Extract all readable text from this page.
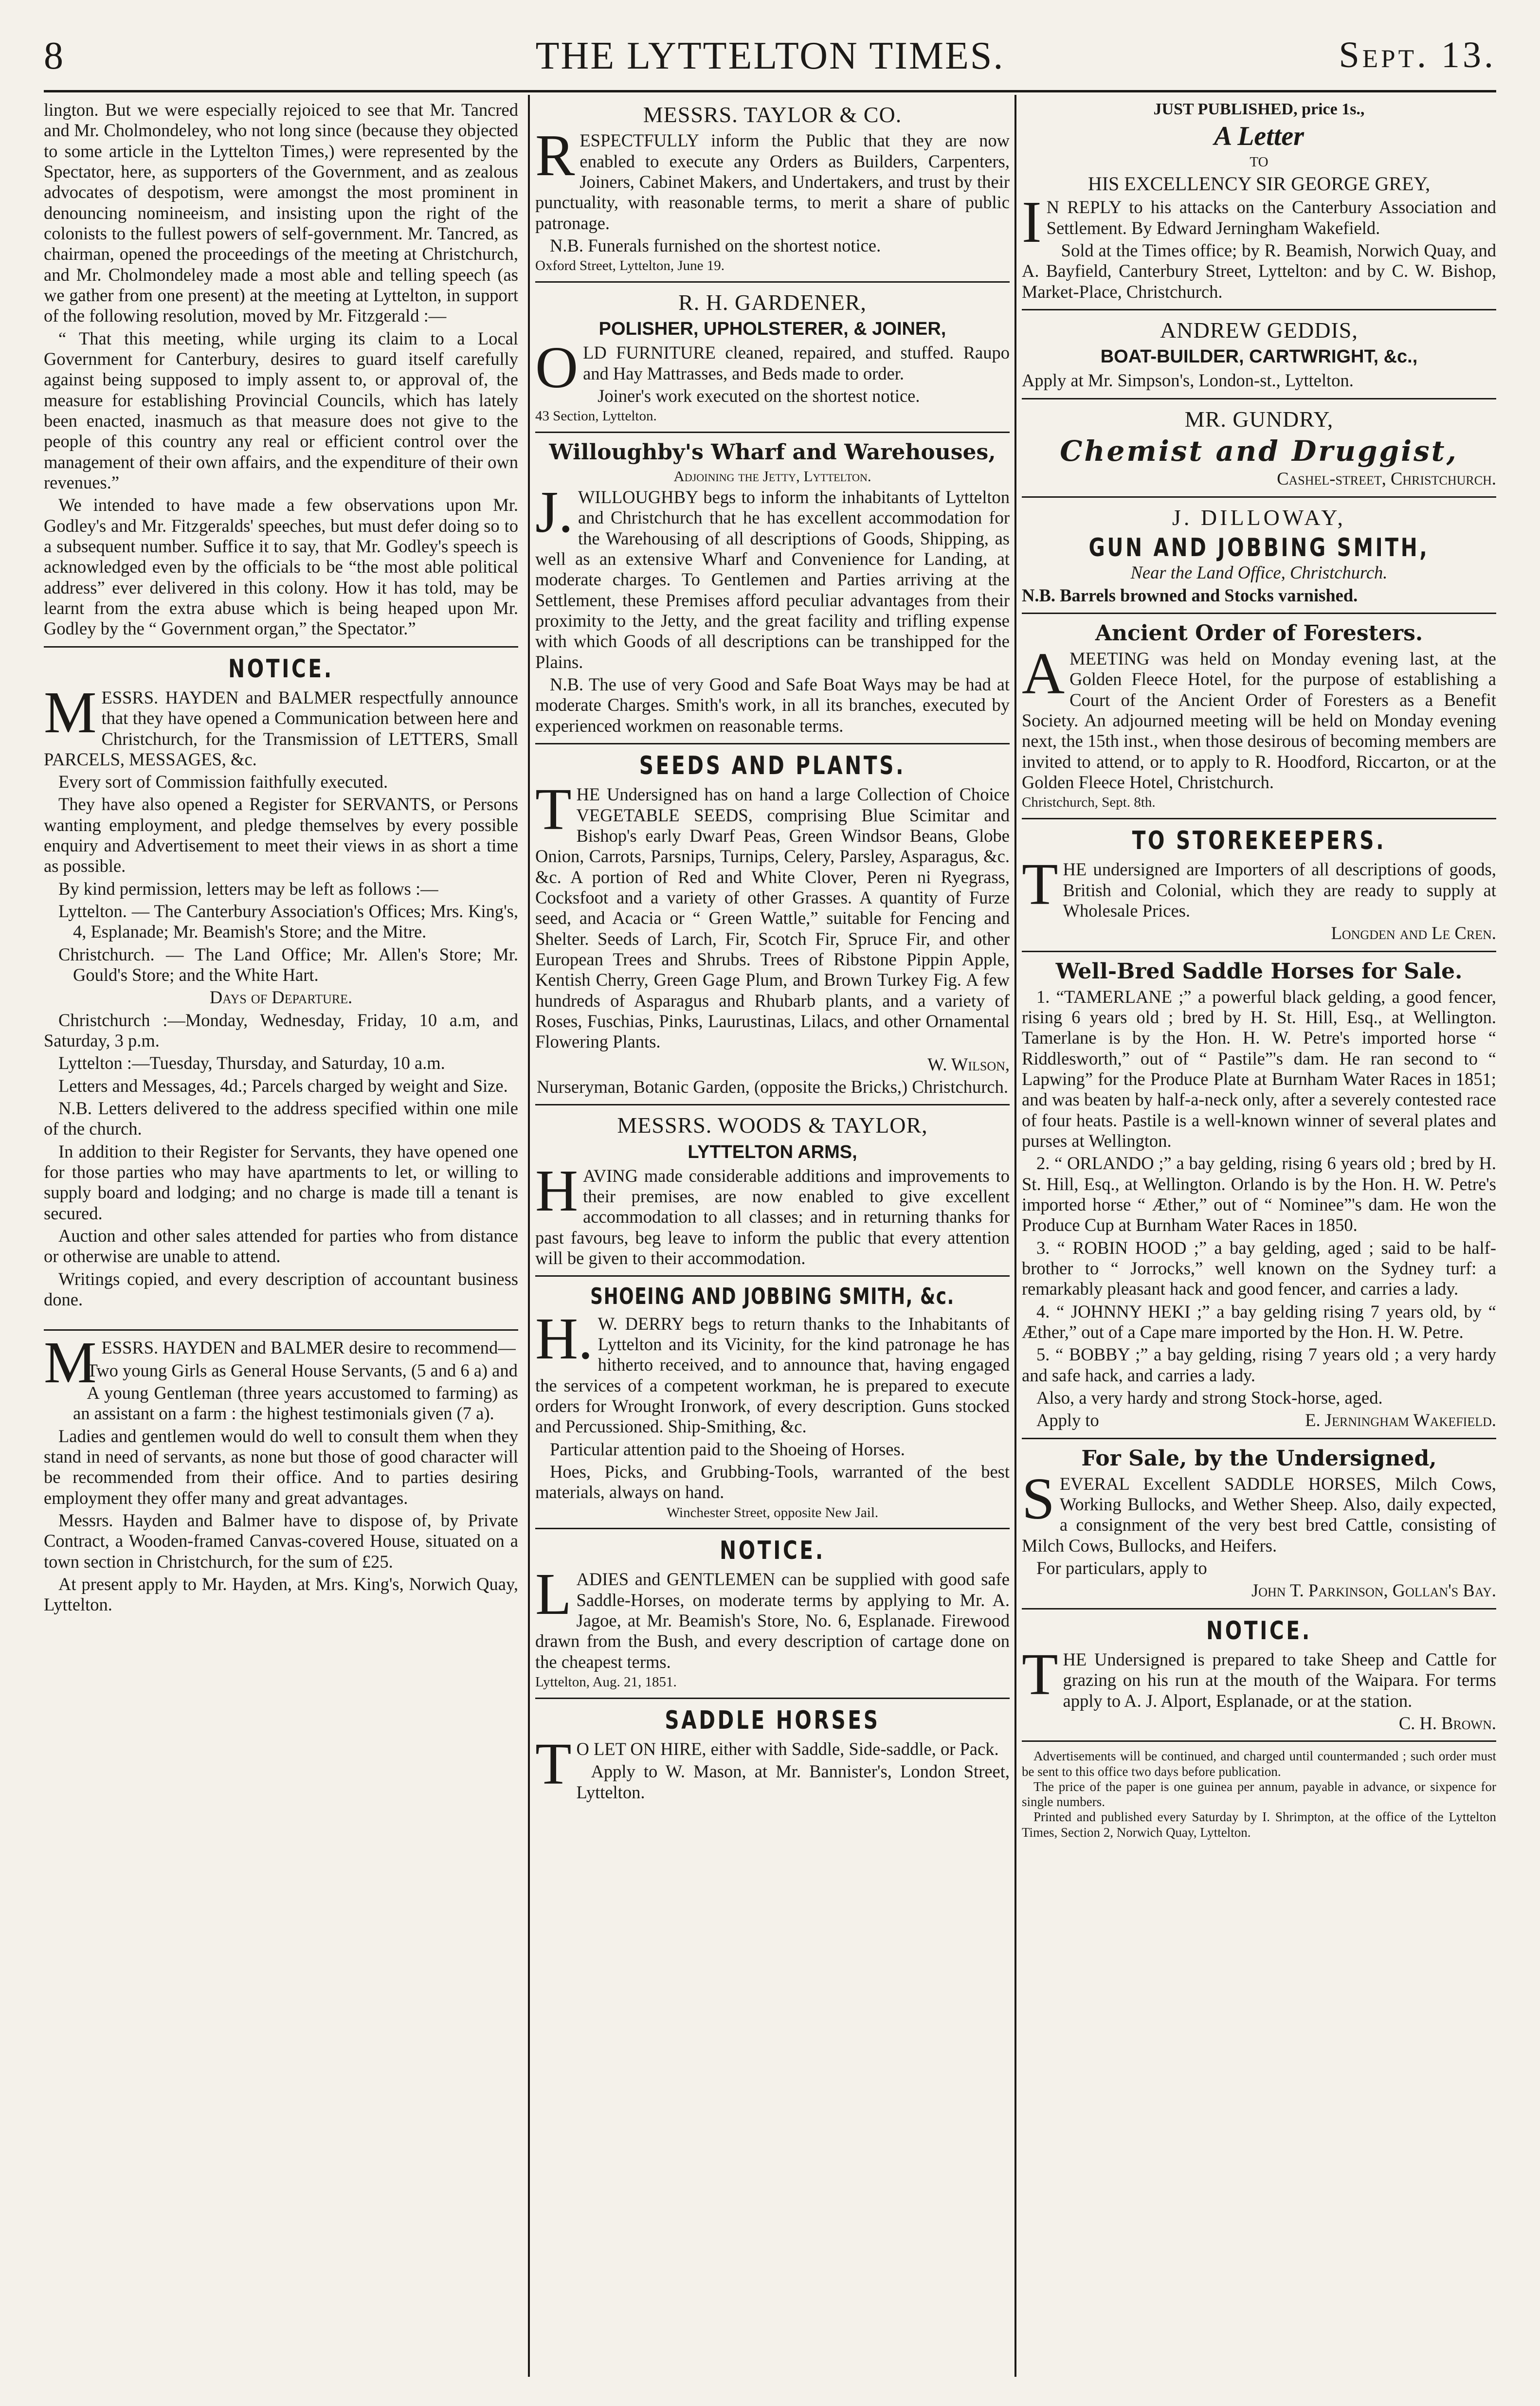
8	THE LYTTELTON TIMES.	Sept. 13.

lington. But we were especially rejoiced to see that Mr. Tancred and Mr. Cholmondeley, who not long since (because they objected to some article in the Lyttelton Times,) were represented by the Spectator, here, as supporters of the Government, and as zealous advocates of despotism, were amongst the most prominent in denouncing nomineeism, and insisting upon the right of the colonists to the fullest powers of self-government. Mr. Tancred, as chairman, opened the proceedings of the meeting at Christchurch, and Mr. Cholmondeley made a most able and telling speech (as we gather from one present) at the meeting at Lyttelton, in support of the following resolution, moved by Mr. Fitzgerald :—

“ That this meeting, while urging its claim to a Local Government for Canterbury, desires to guard itself carefully against being supposed to imply assent to, or approval of, the measure for establishing Provincial Councils, which has lately been enacted, inasmuch as that measure does not give to the people of this country any real or efficient control over the management of their own affairs, and the expenditure of their own revenues.”

We intended to have made a few observations upon Mr. Godley's and Mr. Fitzgeralds' speeches, but must defer doing so to a subsequent number. Suffice it to say, that Mr. Godley's speech is acknowledged even by the officials to be “the most able political address” ever delivered in this colony. How it has told, may be learnt from the extra abuse which is being heaped upon Mr. Godley by the “ Government organ,” the Spectator.”

NOTICE.

MESSRS. HAYDEN and BALMER respectfully announce that they have opened a Communication between here and Christchurch, for the Transmission of LETTERS, Small PARCELS, MESSAGES, &c.

Every sort of Commission faithfully executed.

They have also opened a Register for SERVANTS, or Persons wanting employment, and pledge themselves by every possible enquiry and Advertisement to meet their views in as short a time as possible.

By kind permission, letters may be left as follows :—

Lyttelton. — The Canterbury Association's Offices; Mrs. King's, 4, Esplanade; Mr. Beamish's Store; and the Mitre.

Christchurch. — The Land Office; Mr. Allen's Store; Mr. Gould's Store; and the White Hart.

Days of Departure.

Christchurch :—Monday, Wednesday, Friday, 10 a.m, and Saturday, 3 p.m.

Lyttelton :—Tuesday, Thursday, and Saturday, 10 a.m.

Letters and Messages, 4d.; Parcels charged by weight and Size.

N.B. Letters delivered to the address specified within one mile of the church.

In addition to their Register for Servants, they have opened one for those parties who may have apartments to let, or willing to supply board and lodging; and no charge is made till a tenant is secured.

Auction and other sales attended for parties who from distance or otherwise are unable to attend.

Writings copied, and every description of accountant business done.

MESSRS. HAYDEN and BALMER desire to recommend—

Two young Girls as General House Servants, (5 and 6 a) and

A young Gentleman (three years accustomed to farming) as an assistant on a farm : the highest testimonials given (7 a).

Ladies and gentlemen would do well to consult them when they stand in need of servants, as none but those of good character will be recommended from their office. And to parties desiring employment they offer many and great advantages.

Messrs. Hayden and Balmer have to dispose of, by Private Contract, a Wooden-framed Canvas-covered House, situated on a town section in Christchurch, for the sum of £25.

At present apply to Mr. Hayden, at Mrs. King's, Norwich Quay, Lyttelton.

MESSRS. TAYLOR & CO.

RESPECTFULLY inform the Public that they are now enabled to execute any Orders as Builders, Carpenters, Joiners, Cabinet Makers, and Undertakers, and trust by their punctuality, with reasonable terms, to merit a share of public patronage.

N.B. Funerals furnished on the shortest notice.

Oxford Street, Lyttelton, June 19.

R. H. GARDENER,
POLISHER, UPHOLSTERER, & JOINER,

OLD FURNITURE cleaned, repaired, and stuffed. Raupo and Hay Mattrasses, and Beds made to order.

Joiner's work executed on the shortest notice.

43 Section, Lyttelton.

Willoughby's Wharf and Warehouses,

Adjoining the Jetty, Lyttelton.

J. WILLOUGHBY begs to inform the inhabitants of Lyttelton and Christchurch that he has excellent accommodation for the Warehousing of all descriptions of Goods, Shipping, as well as an extensive Wharf and Convenience for Landing, at moderate charges. To Gentlemen and Parties arriving at the Settlement, these Premises afford peculiar advantages from their proximity to the Jetty, and the great facility and trifling expense with which Goods of all descriptions can be transhipped for the Plains.

N.B. The use of very Good and Safe Boat Ways may be had at moderate Charges. Smith's work, in all its branches, executed by experienced workmen on reasonable terms.

SEEDS AND PLANTS.

THE Undersigned has on hand a large Collection of Choice VEGETABLE SEEDS, comprising Blue Scimitar and Bishop's early Dwarf Peas, Green Windsor Beans, Globe Onion, Carrots, Parsnips, Turnips, Celery, Parsley, Asparagus, &c. &c. A portion of Red and White Clover, Peren ni Ryegrass, Cocksfoot and a variety of other Grasses. A quantity of Furze seed, and Acacia or “ Green Wattle,” suitable for Fencing and Shelter. Seeds of Larch, Fir, Scotch Fir, Spruce Fir, and other European Trees and Shrubs. Trees of Ribstone Pippin Apple, Kentish Cherry, Green Gage Plum, and Brown Turkey Fig. A few hundreds of Asparagus and Rhubarb plants, and a variety of Roses, Fuschias, Pinks, Laurustinas, Lilacs, and other Ornamental Flowering Plants.

W. Wilson,

Nurseryman, Botanic Garden, (opposite the Bricks,) Christchurch.

MESSRS. WOODS & TAYLOR,
LYTTELTON ARMS,

HAVING made considerable additions and improvements to their premises, are now enabled to give excellent accommodation to all classes; and in returning thanks for past favours, beg leave to inform the public that every attention will be given to their accommodation.

SHOEING AND JOBBING SMITH, &c.

H. W. DERRY begs to return thanks to the Inhabitants of Lyttelton and its Vicinity, for the kind patronage he has hitherto received, and to announce that, having engaged the services of a competent workman, he is prepared to execute orders for Wrought Ironwork, of every description. Guns stocked and Percussioned. Ship-Smithing, &c.

Particular attention paid to the Shoeing of Horses.

Hoes, Picks, and Grubbing-Tools, warranted of the best materials, always on hand.

Winchester Street, opposite New Jail.

NOTICE.

LADIES and GENTLEMEN can be supplied with good safe Saddle-Horses, on moderate terms by applying to Mr. A. Jagoe, at Mr. Beamish's Store, No. 6, Esplanade. Firewood drawn from the Bush, and every description of cartage done on the cheapest terms.

Lyttelton, Aug. 21, 1851.

SADDLE HORSES

T O LET ON HIRE, either with Saddle, Side-saddle, or Pack.

Apply to W. Mason, at Mr. Bannister's, London Street, Lyttelton.

JUST PUBLISHED, price 1s.,

A Letter

TO

HIS EXCELLENCY SIR GEORGE GREY,

I N REPLY to his attacks on the Canterbury Association and Settlement. By Edward Jerningham Wakefield.

Sold at the Times office; by R. Beamish, Norwich Quay, and A. Bayfield, Canterbury Street, Lyttelton: and by C. W. Bishop, Market-Place, Christchurch.

ANDREW GEDDIS,
BOAT-BUILDER, CARTWRIGHT, &c.,

Apply at Mr. Simpson's, London-st., Lyttelton.

MR. GUNDRY,
Chemist and Druggist,

Cashel-street, Christchurch.

J. DILLOWAY,
GUN AND JOBBING SMITH,

Near the Land Office, Christchurch.

N.B. Barrels browned and Stocks varnished.

Ancient Order of Foresters.

AMEETING was held on Monday evening last, at the Golden Fleece Hotel, for the purpose of establishing a Court of the Ancient Order of Foresters as a Benefit Society. An adjourned meeting will be held on Monday evening next, the 15th inst., when those desirous of becoming members are invited to attend, or to apply to R. Hoodford, Riccarton, or at the Golden Fleece Hotel, Christchurch.

Christchurch, Sept. 8th.

TO STOREKEEPERS.

THE undersigned are Importers of all descriptions of goods, British and Colonial, which they are ready to supply at Wholesale Prices.

Longden and Le Cren.

Well-Bred Saddle Horses for Sale.

1. “TAMERLANE ;” a powerful black gelding, a good fencer, rising 6 years old ; bred by H. St. Hill, Esq., at Wellington. Tamerlane is by the Hon. H. W. Petre's imported horse “ Riddlesworth,” out of “ Pastile”'s dam. He ran second to “ Lapwing” for the Produce Plate at Burnham Water Races in 1851; and was beaten by half-a-neck only, after a severely contested race of four heats. Pastile is a well-known winner of several plates and purses at Wellington.

2. “ ORLANDO ;” a bay gelding, rising 6 years old ; bred by H. St. Hill, Esq., at Wellington. Orlando is by the Hon. H. W. Petre's imported horse “ Æther,” out of “ Nominee”'s dam. He won the Produce Cup at Burnham Water Races in 1850.

3. “ ROBIN HOOD ;” a bay gelding, aged ; said to be half-brother to “ Jorrocks,” well known on the Sydney turf: a remarkably pleasant hack and good fencer, and carries a lady.

4. “ JOHNNY HEKI ;” a bay gelding rising 7 years old, by “ Æther,” out of a Cape mare imported by the Hon. H. W. Petre.

5. “ BOBBY ;” a bay gelding, rising 7 years old ; a very hardy and safe hack, and carries a lady.

Also, a very hardy and strong Stock-horse, aged.

Apply to	E. Jerningham Wakefield.
For Sale, by the Undersigned,

SEVERAL Excellent SADDLE HORSES, Milch Cows, Working Bullocks, and Wether Sheep. Also, daily expected, a consignment of the very best bred Cattle, consisting of Milch Cows, Bullocks, and Heifers.

For particulars, apply to

John T. Parkinson, Gollan's Bay.

NOTICE.

THE Undersigned is prepared to take Sheep and Cattle for grazing on his run at the mouth of the Waipara. For terms apply to A. J. Alport, Esplanade, or at the station.

C. H. Brown.

Advertisements will be continued, and charged until countermanded ; such order must be sent to this office two days before publication.

The price of the paper is one guinea per annum, payable in advance, or sixpence for single numbers.

Printed and published every Saturday by I. Shrimpton, at the office of the Lyttelton Times, Section 2, Norwich Quay, Lyttelton.
